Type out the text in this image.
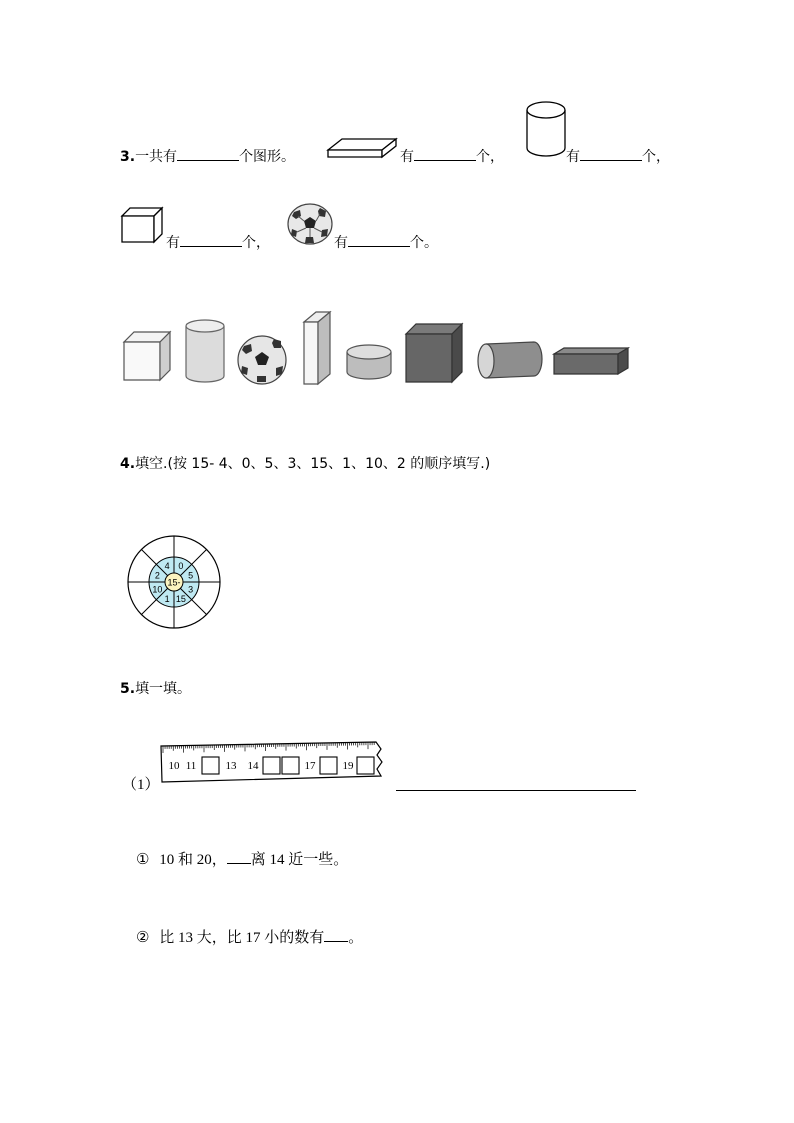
3.一共有	个图形。	有	个，	有	个，
有	个，	有	个。
4.填空.(按 15- 4、0、5、3、15、1、10、2 的顺序填写.)
15-
0
5
3
15
1
10
2
4
5.填一填。
（1）
10 11	13 14	17 19
① 10 和 20， 离 14 近一些。
② 比 13 大，比 17 小的数有 。
